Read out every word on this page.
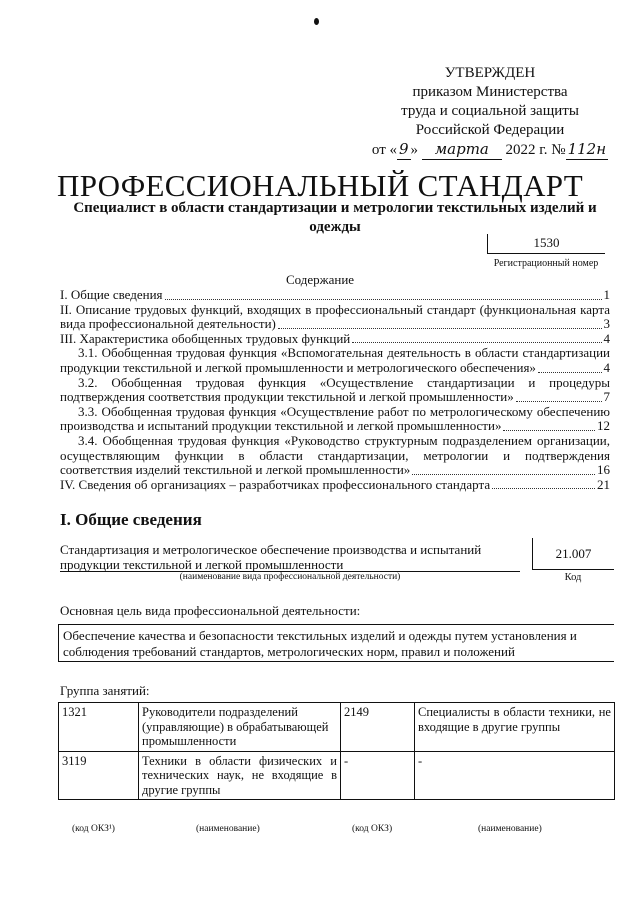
УТВЕРЖДЕН
приказом Министерства
труда и социальной защиты
Российской Федерации
от « 9 » марта 2022 г. № 112н
ПРОФЕССИОНАЛЬНЫЙ СТАНДАРТ
Специалист в области стандартизации и метрологии текстильных изделий и одежды
1530
Регистрационный номер
Содержание
I. Общие сведения	1
II. Описание трудовых функций, входящих в профессиональный стандарт (функциональная карта
вида профессиональной деятельности)	3
III. Характеристика обобщенных трудовых функций	4
3.1. Обобщенная трудовая функция «Вспомогательная деятельность в области стандартизации
продукции текстильной и легкой промышленности и метрологического обеспечения»	4
3.2. Обобщенная трудовая функция «Осуществление стандартизации и процедуры
подтверждения соответствия продукции текстильной и легкой промышленности»	7
3.3. Обобщенная трудовая функция «Осуществление работ по метрологическому обеспечению
производства и испытаний продукции текстильной и легкой промышленности»	12
3.4. Обобщенная трудовая функция «Руководство структурным подразделением организации,
осуществляющим функции в области стандартизации, метрологии и подтверждения
соответствия изделий текстильной и легкой промышленности»	16
IV. Сведения об организациях – разработчиках профессионального стандарта	21
I. Общие сведения
Стандартизация и метрологическое обеспечение производства и испытаний
продукции текстильной и легкой промышленности
(наименование вида профессиональной деятельности)
21.007
Код
Основная цель вида профессиональной деятельности:
Обеспечение качества и безопасности текстильных изделий и одежды путем установления и соблюдения требований стандартов, метрологических норм, правил и положений
Группа занятий:
1321	Руководители подразделений (управляющие) в обрабатывающей промышленности	2149	Специалисты в области техники, не входящие в другие группы
3119	Техники в области физических и технических наук, не входящие в другие группы	-	-
(код ОКЗ¹)	(наименование)	(код ОКЗ)	(наименование)
